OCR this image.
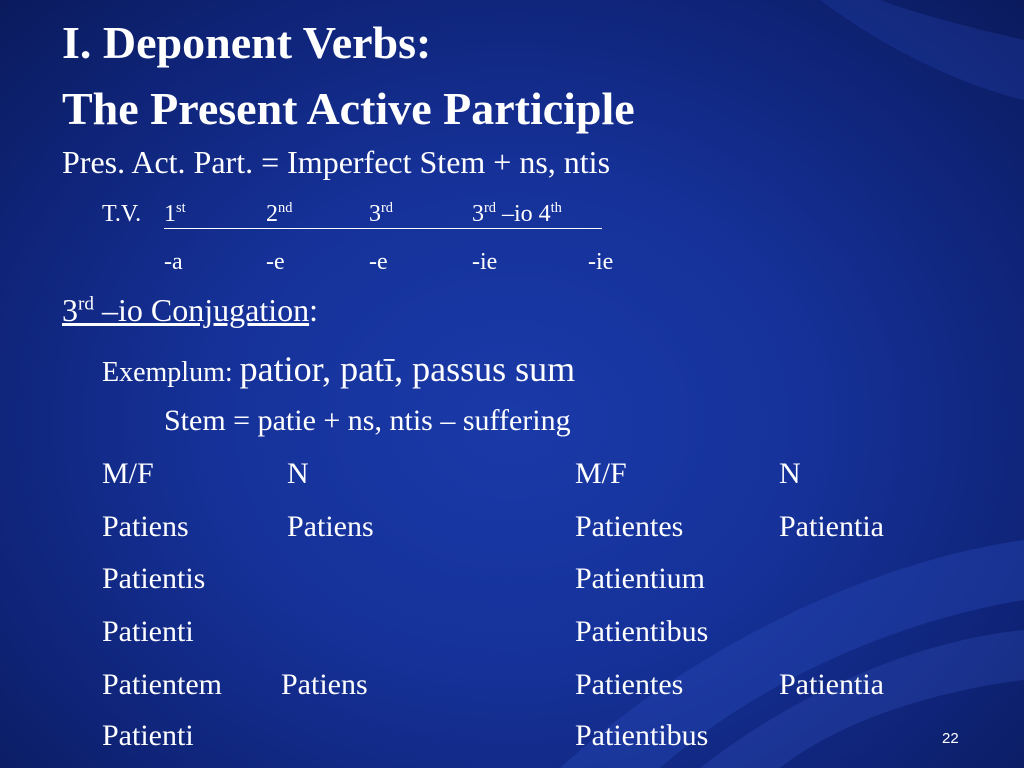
I. Deponent Verbs:
The Present Active Participle
Pres. Act. Part. = Imperfect Stem + ns, ntis
T.V. 1st	2nd	3rd	3rd –io 4th
-a	-e	-e	-ie	-ie
3rd –io Conjugation:
Exemplum: patior, patī, passus sum
Stem = patie + ns, ntis – suffering
M/F	N	M/F	N
Patiens	Patiens	Patientes	Patientia
Patientis	Patientium
Patienti	Patientibus
Patientem Patiens	Patientes	Patientia
Patienti	Patientibus	22
